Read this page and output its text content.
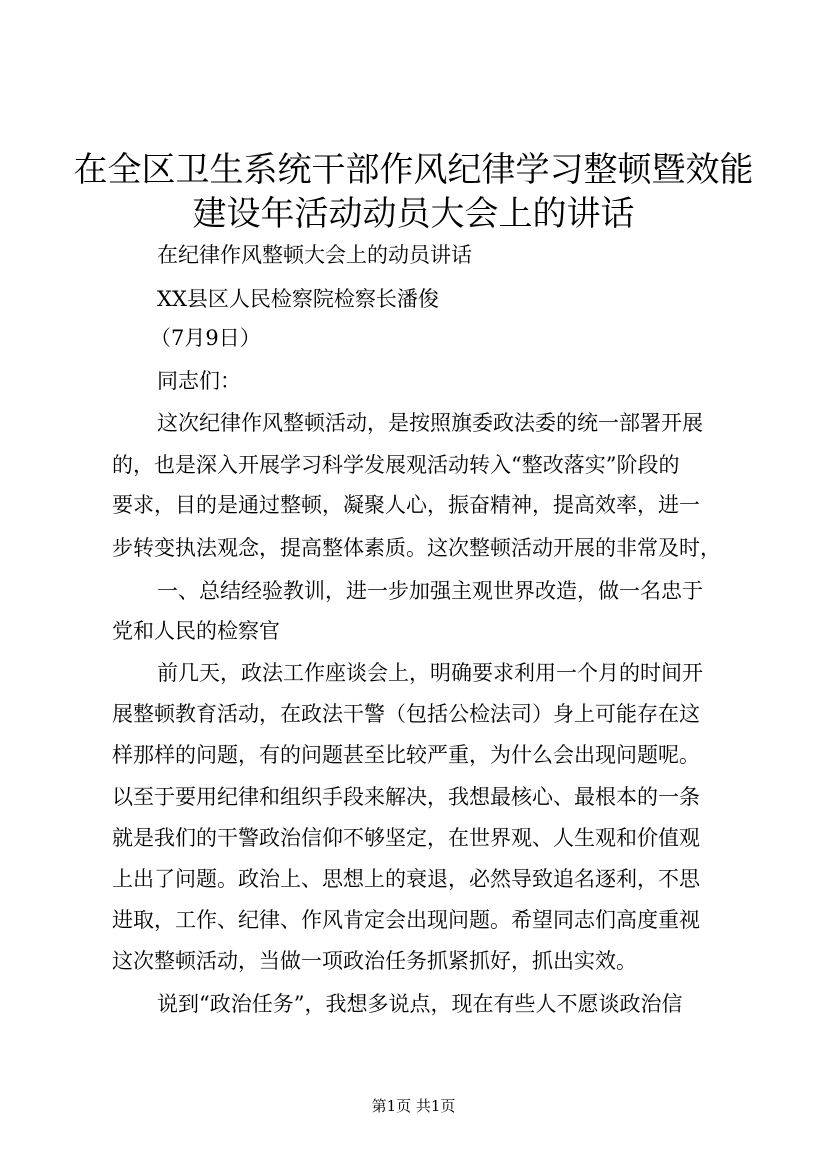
在全区卫生系统干部作风纪律学习整顿暨效能
建设年活动动员大会上的讲话

在纪律作风整顿大会上的动员讲话

XX县区人民检察院检察长潘俊

（7月9日）

同志们：

这次纪律作风整顿活动，是按照旗委政法委的统一部署开展

的，也是深入开展学习科学发展观活动转入“整改落实”阶段的

要求，目的是通过整顿，凝聚人心，振奋精神，提高效率，进一

步转变执法观念，提高整体素质。这次整顿活动开展的非常及时，

一、总结经验教训，进一步加强主观世界改造，做一名忠于

党和人民的检察官

前几天，政法工作座谈会上，明确要求利用一个月的时间开

展整顿教育活动，在政法干警（包括公检法司）身上可能存在这

样那样的问题，有的问题甚至比较严重，为什么会出现问题呢。

以至于要用纪律和组织手段来解决，我想最核心、最根本的一条

就是我们的干警政治信仰不够坚定，在世界观、人生观和价值观

上出了问题。政治上、思想上的衰退，必然导致追名逐利，不思

进取，工作、纪律、作风肯定会出现问题。希望同志们高度重视

这次整顿活动，当做一项政治任务抓紧抓好，抓出实效。

说到“政治任务”，我想多说点，现在有些人不愿谈政治信

第1页 共1页
